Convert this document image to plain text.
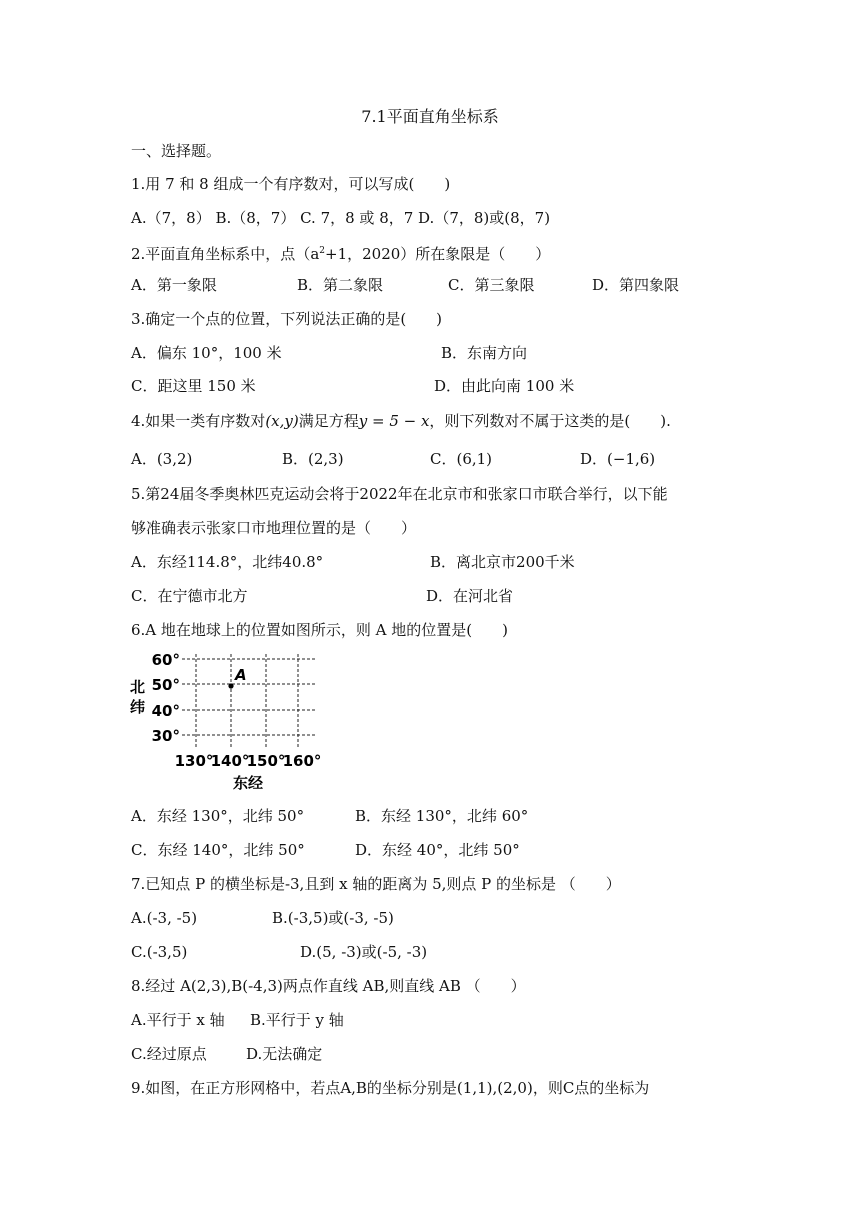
7.1平面直角坐标系
一、选择题。
1.用 7 和 8 组成一个有序数对，可以写成(　　)
A.（7，8） B.（8，7） C. 7，8 或 8，7 D.（7，8)或(8，7)
2.平面直角坐标系中，点（$a^2+1$，2020）所在象限是（　　）
A．第一象限	B．第二象限	C．第三象限	D．第四象限
3.确定一个点的位置，下列说法正确的是(　　)
A．偏东 10°，100 米	B．东南方向
C．距这里 150 米	D．由此向南 100 米
4.如果一类有序数对(x,y)满足方程y = 5 − x，则下列数对不属于这类的是(　　).
A．(3,2)	B．(2,3)	C．(6,1)	D．(−1,6)
5.第24届冬季奥林匹克运动会将于2022年在北京市和张家口市联合举行，以下能
够准确表示张家口市地理位置的是（　　）
A．东经114.8°，北纬40.8°	B．离北京市200千米
C．在宁德市北方	D．在河北省
6.A 地在地球上的位置如图所示，则 A 地的位置是(　　)
A
60°
50°
40°
30°
北
纬
130°
140°
150°
160°
东经
A．东经 130°，北纬 50°	B．东经 130°，北纬 60°
C．东经 140°，北纬 50°	D．东经 40°，北纬 50°
7.已知点 P 的横坐标是-3,且到 x 轴的距离为 5,则点 P 的坐标是 （　　）
A.(-3, -5)	B.(-3,5)或(-3, -5)
C.(-3,5)	D.(5, -3)或(-5, -3)
8.经过 A(2,3),B(-4,3)两点作直线 AB,则直线 AB （　　）
A.平行于 x 轴 B.平行于 y 轴
C.经过原点	D.无法确定
9.如图，在正方形网格中，若点A,B的坐标分别是(1,1),(2,0)，则C点的坐标为
